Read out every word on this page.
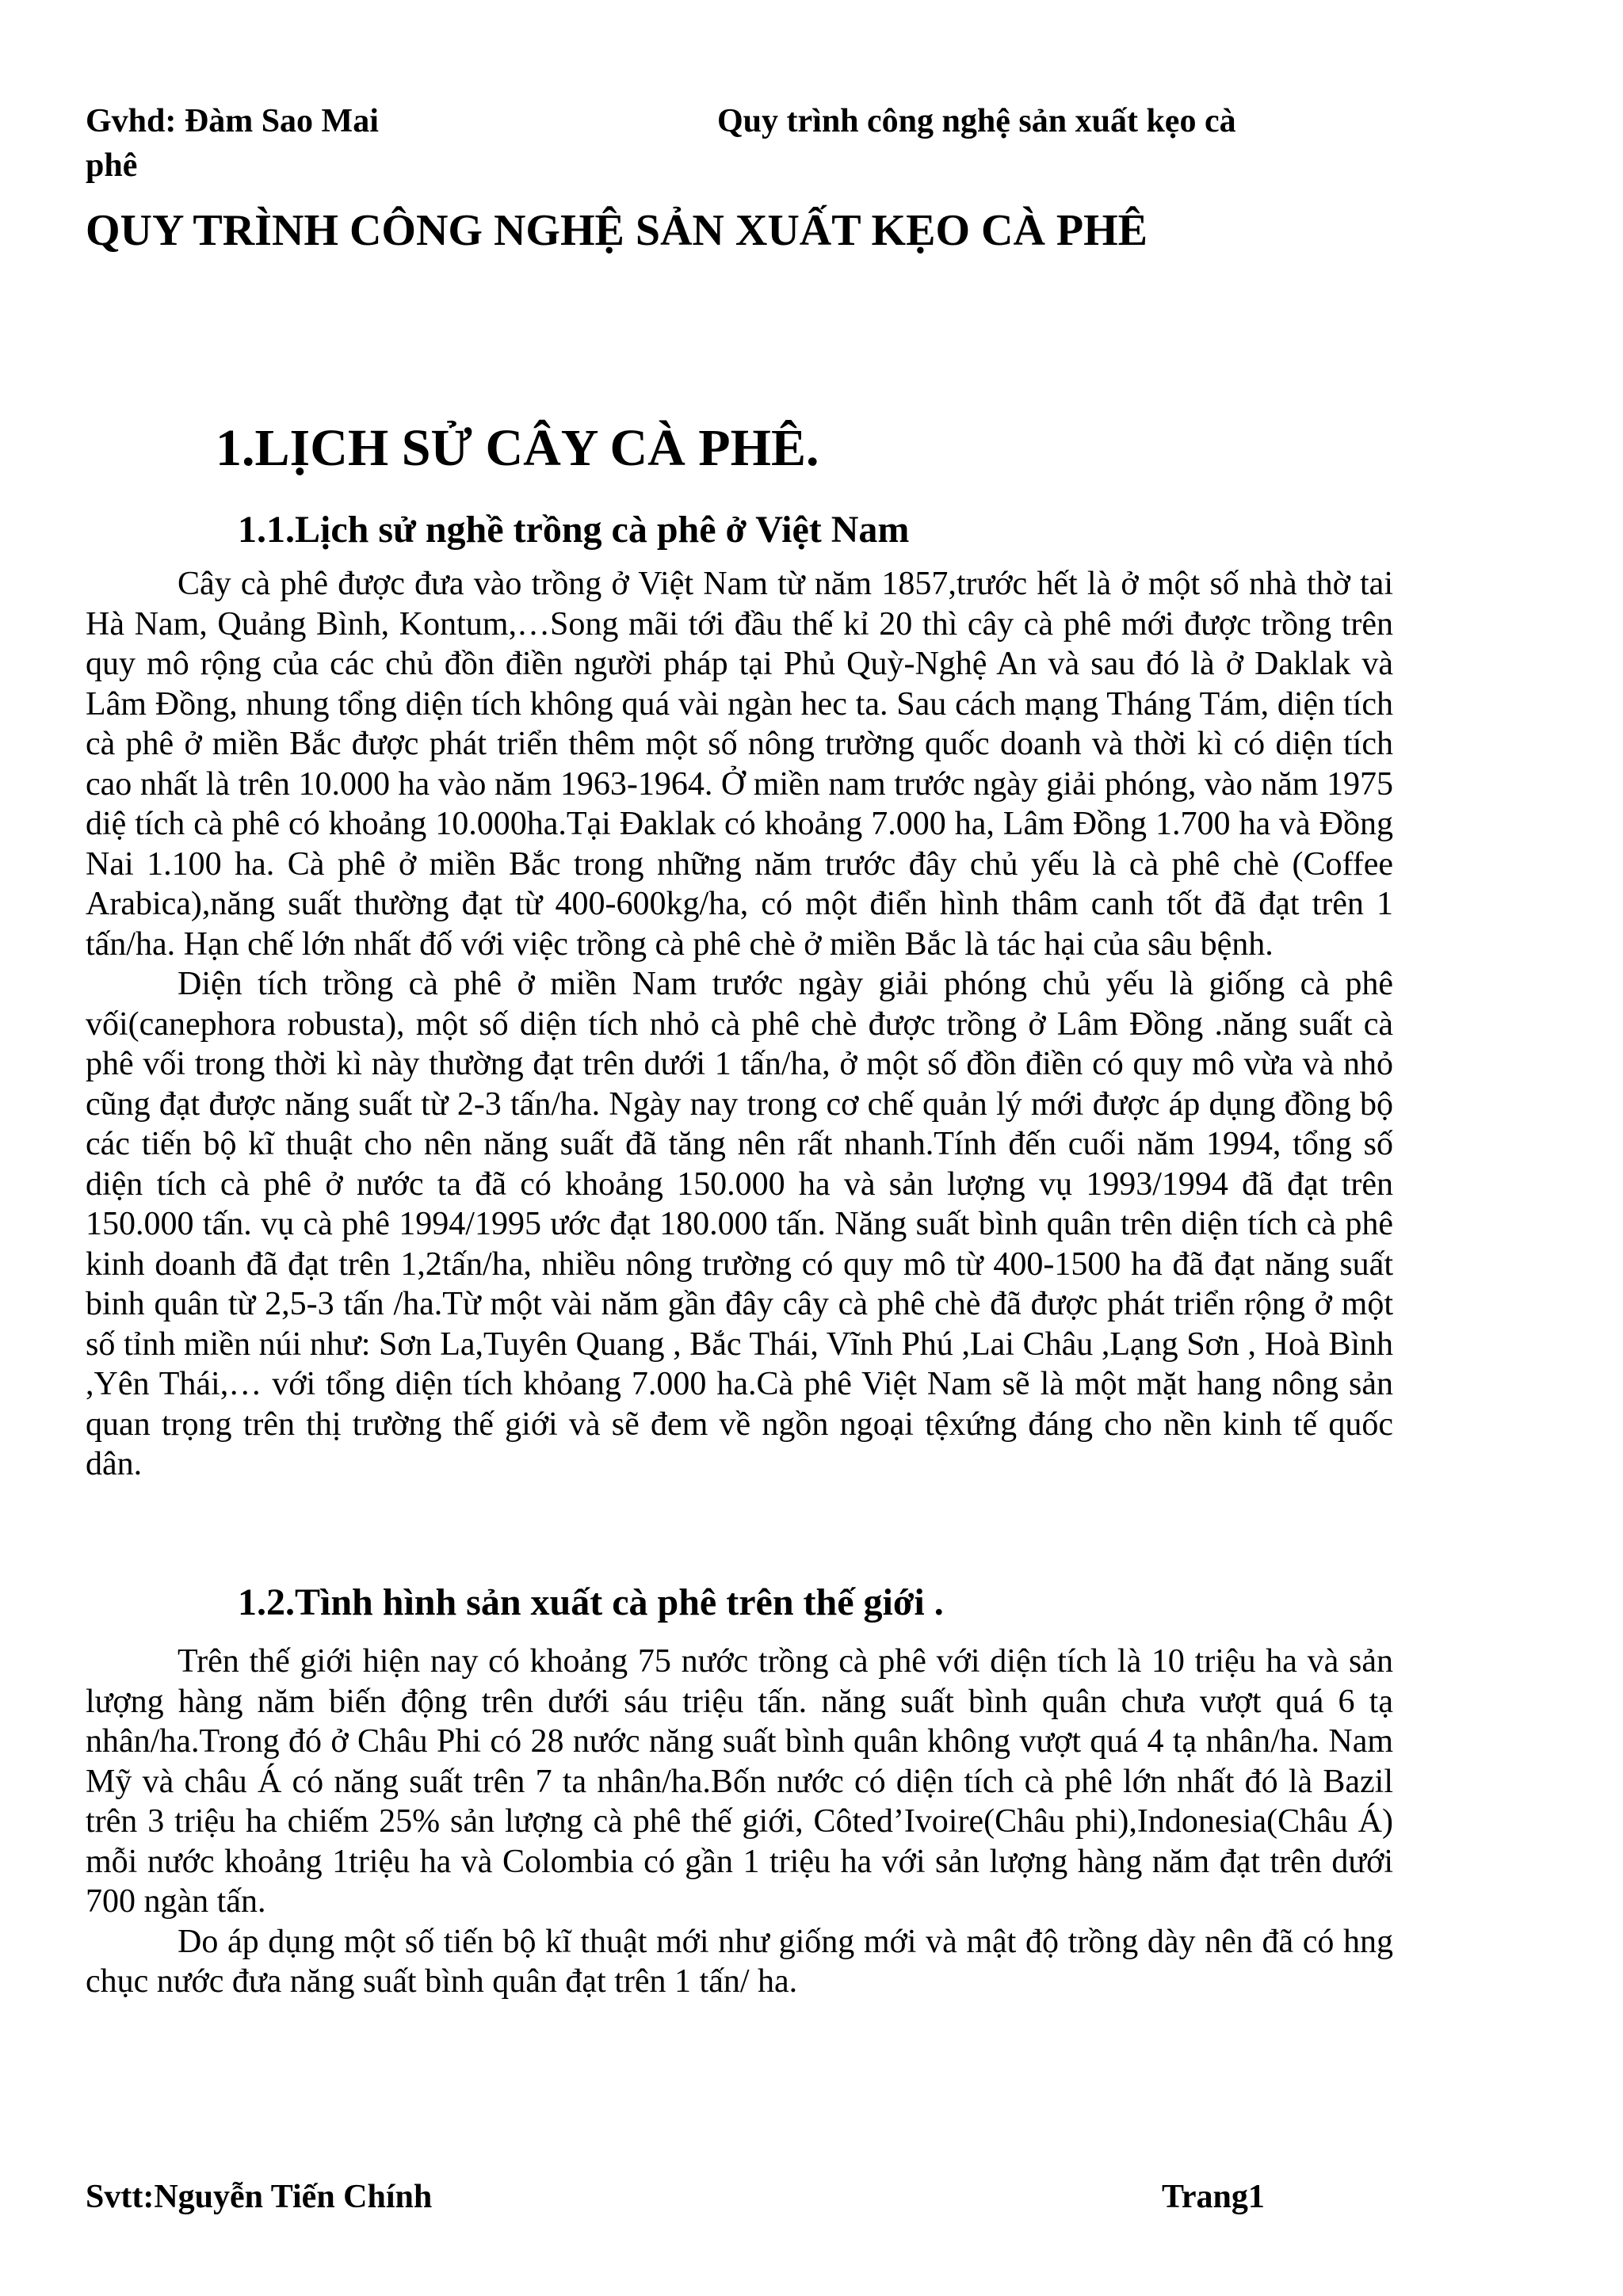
Gvhd: Đàm Sao Mai	Quy trình công nghệ sản xuất kẹo cà
phê
QUY TRÌNH CÔNG NGHỆ SẢN XUẤT KẸO CÀ PHÊ
1.LỊCH SỬ CÂY CÀ PHÊ.
1.1.Lịch sử nghề trồng cà phê ở Việt Nam

Cây cà phê được đưa vào trồng ở Việt Nam từ năm 1857,trước hết là ở một số nhà thờ tai Hà Nam, Quảng Bình, Kontum,…Song mãi tới đầu thế kỉ 20 thì cây cà phê mới được trồng trên quy mô rộng của các chủ đồn điền người pháp tại Phủ Quỳ-Nghệ An và sau đó là ở Daklak và Lâm Đồng, nhung tổng diện tích không quá vài ngàn hec ta. Sau cách mạng Tháng Tám, diện tích cà phê ở miền Bắc được phát triển thêm một số nông trường quốc doanh và thời kì có diện tích cao nhất là trên 10.000 ha vào năm 1963-1964. Ở miền nam trước ngày giải phóng, vào năm 1975 diệ tích cà phê có khoảng 10.000ha.Tại Đaklak có khoảng 7.000 ha, Lâm Đồng 1.700 ha và Đồng Nai 1.100 ha. Cà phê ở miền Bắc trong những năm trước đây chủ yếu là cà phê chè (Coffee Arabica),năng suất thường đạt từ 400-600kg/ha, có một điển hình thâm canh tốt đã đạt trên 1 tấn/ha. Hạn chế lớn nhất đố với việc trồng cà phê chè ở miền Bắc là tác hại của sâu bệnh.

Diện tích trồng cà phê ở miền Nam trước ngày giải phóng chủ yếu là giống cà phê vối(canephora robusta), một số diện tích nhỏ cà phê chè được trồng ở Lâm Đồng .năng suất cà phê vối trong thời kì này thường đạt trên dưới 1 tấn/ha, ở một số đồn điền có quy mô vừa và nhỏ cũng đạt được năng suất từ 2-3 tấn/ha. Ngày nay trong cơ chế quản lý mới được áp dụng đồng bộ các tiến bộ kĩ thuật cho nên năng suất đã tăng nên rất nhanh.Tính đến cuối năm 1994, tổng số diện tích cà phê ở nước ta đã có khoảng 150.000 ha và sản lượng vụ 1993/1994 đã đạt trên 150.000 tấn. vụ cà phê 1994/1995 ước đạt 180.000 tấn. Năng suất bình quân trên diện tích cà phê kinh doanh đã đạt trên 1,2tấn/ha, nhiều nông trường có quy mô từ 400-1500 ha đã đạt năng suất binh quân từ 2,5-3 tấn /ha.Từ một vài năm gần đây cây cà phê chè đã được phát triển rộng ở một số tỉnh miền núi như: Sơn La,Tuyên Quang , Bắc Thái, Vĩnh Phú ,Lai Châu ,Lạng Sơn , Hoà Bình ,Yên Thái,… với tổng diện tích khỏang 7.000 ha.Cà phê Việt Nam sẽ là một mặt hang nông sản quan trọng trên thị trường thế giới và sẽ đem về ngồn ngoại tệxứng đáng cho nền kinh tế quốc dân.

1.2.Tình hình sản xuất cà phê trên thế giới .

Trên thế giới hiện nay có khoảng 75 nước trồng cà phê với diện tích là 10 triệu ha và sản lượng hàng năm biến động trên dưới sáu triệu tấn. năng suất bình quân chưa vượt quá 6 tạ nhân/ha.Trong đó ở Châu Phi có 28 nước năng suất bình quân không vượt quá 4 tạ nhân/ha. Nam Mỹ và châu Á có năng suất trên 7 ta nhân/ha.Bốn nước có diện tích cà phê lớn nhất đó là Bazil trên 3 triệu ha chiếm 25% sản lượng cà phê thế giới, Côted’Ivoire(Châu phi),Indonesia(Châu Á) mỗi nước khoảng 1triệu ha và Colombia có gần 1 triệu ha với sản lượng hàng năm đạt trên dưới 700 ngàn tấn.

Do áp dụng một số tiến bộ kĩ thuật mới như giống mới và mật độ trồng dày nên đã có hng chục nước đưa năng suất bình quân đạt trên 1 tấn/ ha.

Svtt:Nguyễn Tiến Chính	Trang1
